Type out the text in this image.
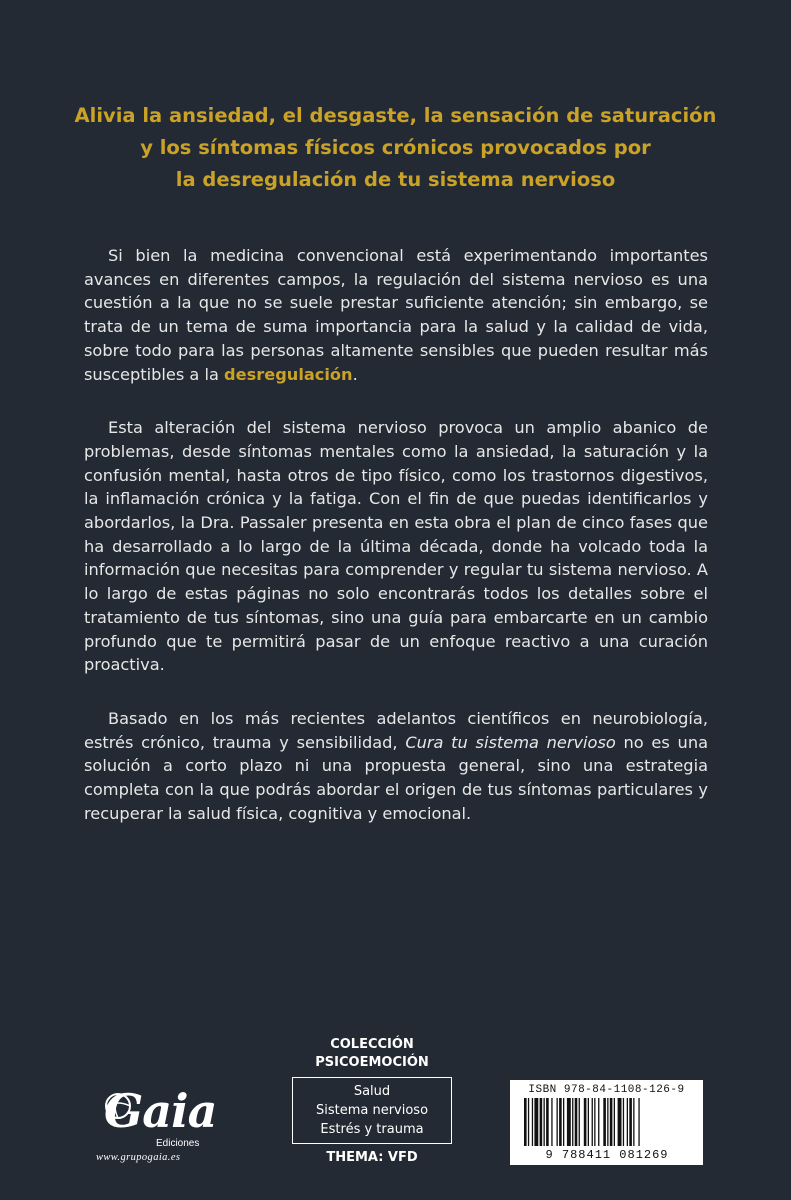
Alivia la ansiedad, el desgaste, la sensación de saturación
y los síntomas físicos crónicos provocados por
la desregulación de tu sistema nervioso

Si bien la medicina convencional está experimentando importantes avances en diferentes campos, la regulación del sistema nervioso es una cuestión a la que no se suele prestar suficiente atención; sin embargo, se trata de un tema de suma importancia para la salud y la calidad de vida, sobre todo para las personas altamente sensibles que pueden resultar más susceptibles a la desregulación.

Esta alteración del sistema nervioso provoca un amplio abanico de problemas, desde síntomas mentales como la ansiedad, la saturación y la confusión mental, hasta otros de tipo físico, como los trastornos digestivos, la inflamación crónica y la fatiga. Con el fin de que puedas identificarlos y abordarlos, la Dra. Passaler presenta en esta obra el plan de cinco fases que ha desarrollado a lo largo de la última década, donde ha volcado toda la información que necesitas para comprender y regular tu sistema nervioso. A lo largo de estas páginas no solo encontrarás todos los detalles sobre el tratamiento de tus síntomas, sino una guía para embarcarte en un cambio profundo que te permitirá pasar de un enfoque reactivo a una curación proactiva.

Basado en los más recientes adelantos científicos en neurobiología, estrés crónico, trauma y sensibilidad, Cura tu sistema nervioso no es una solución a corto plazo ni una propuesta general, sino una estrategia completa con la que podrás abordar el origen de tus síntomas particulares y recuperar la salud física, cognitiva y emocional.

Gaia
Ediciones
www.grupogaia.es
COLECCIÓN
PSICOEMOCIÓN
Salud
Sistema nervioso
Estrés y trauma
THEMA: VFD
ISBN 978-84-1108-126-9
9 788411 081269
